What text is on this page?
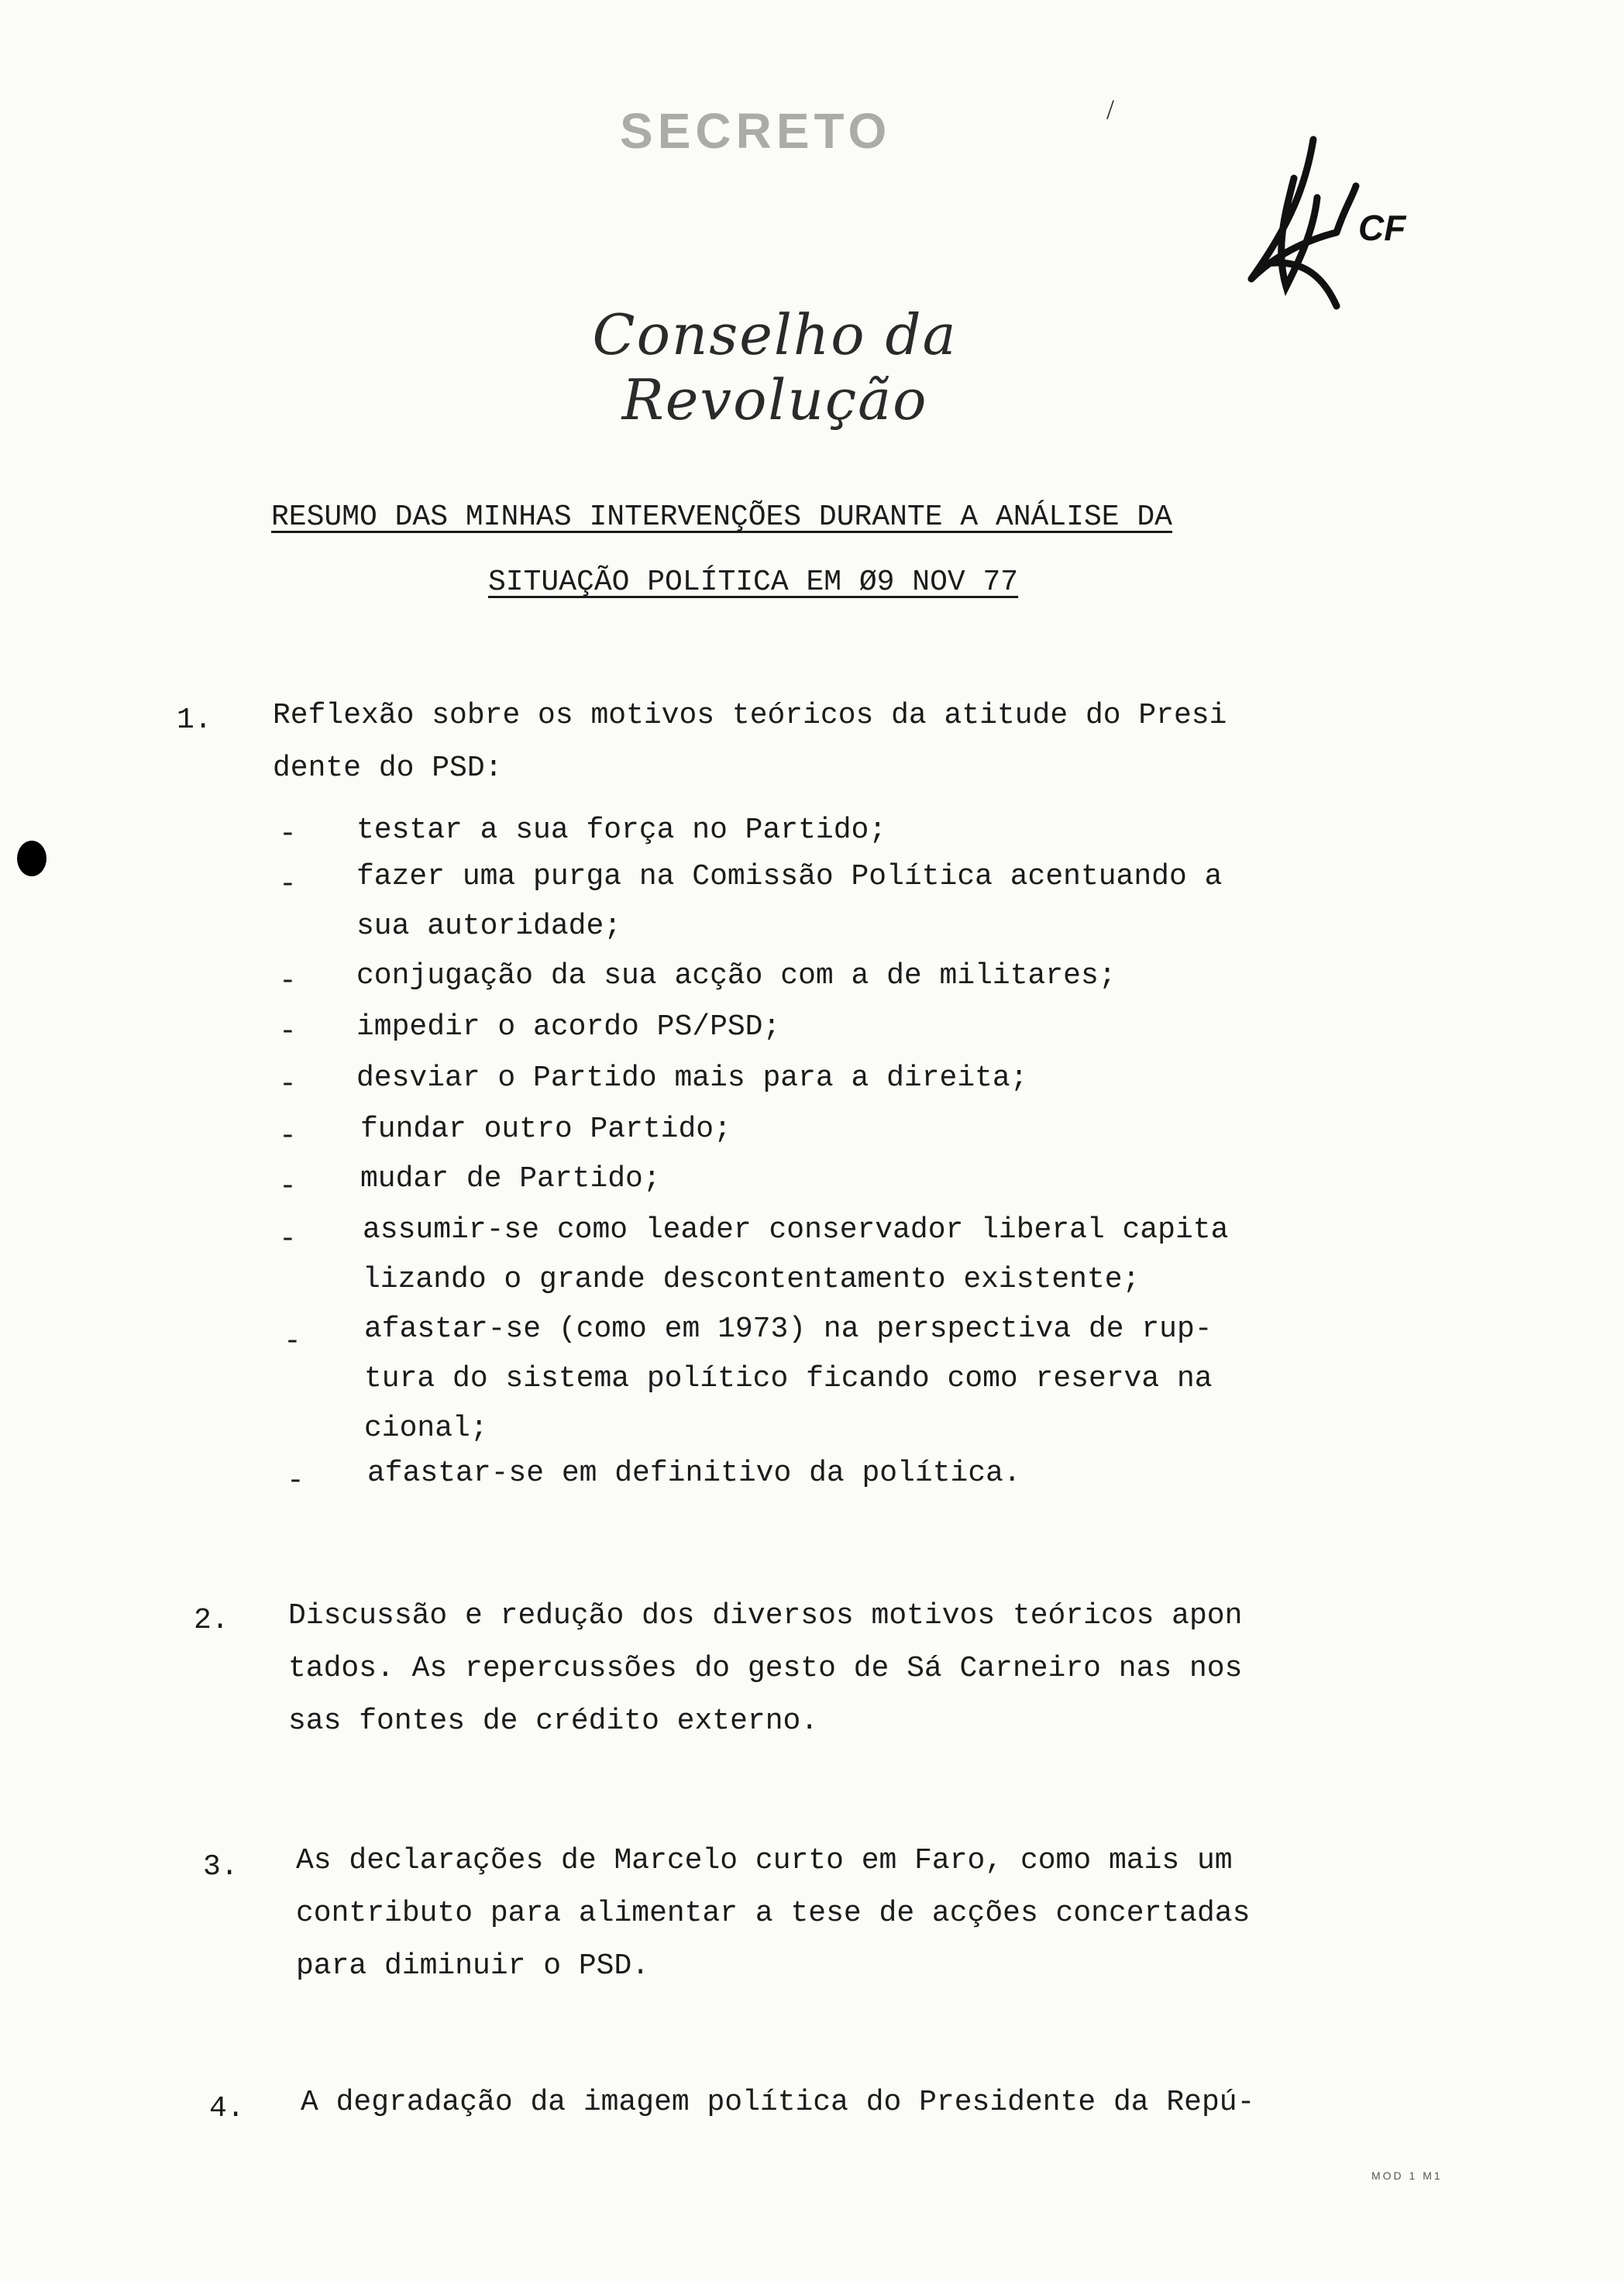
SECRETO	/
CF
Conselho da Revolução
RESUMO DAS MINHAS INTERVENÇÕES DURANTE A ANÁLISE DA
SITUAÇÃO POLÍTICA EM Ø9 NOV 77
1. Reflexão sobre os motivos teóricos da atitude do Presi
dente do PSD:
- testar a sua força no Partido;
- fazer uma purga na Comissão Política acentuando a
sua autoridade;
- conjugação da sua acção com a de militares;
- impedir o acordo PS/PSD;
- desviar o Partido mais para a direita;
- fundar outro Partido;
- mudar de Partido;
- assumir-se como leader conservador liberal capita
lizando o grande descontentamento existente;
- afastar-se (como em 1973) na perspectiva de rup-
tura do sistema político ficando como reserva na
cional;
- afastar-se em definitivo da política.
2. Discussão e redução dos diversos motivos teóricos apon
tados. As repercussões do gesto de Sá Carneiro nas nos
sas fontes de crédito externo.
3. As declarações de Marcelo curto em Faro, como mais um
contributo para alimentar a tese de acções concertadas
para diminuir o PSD.
4. A degradação da imagem política do Presidente da Repú-
MOD 1 M1
